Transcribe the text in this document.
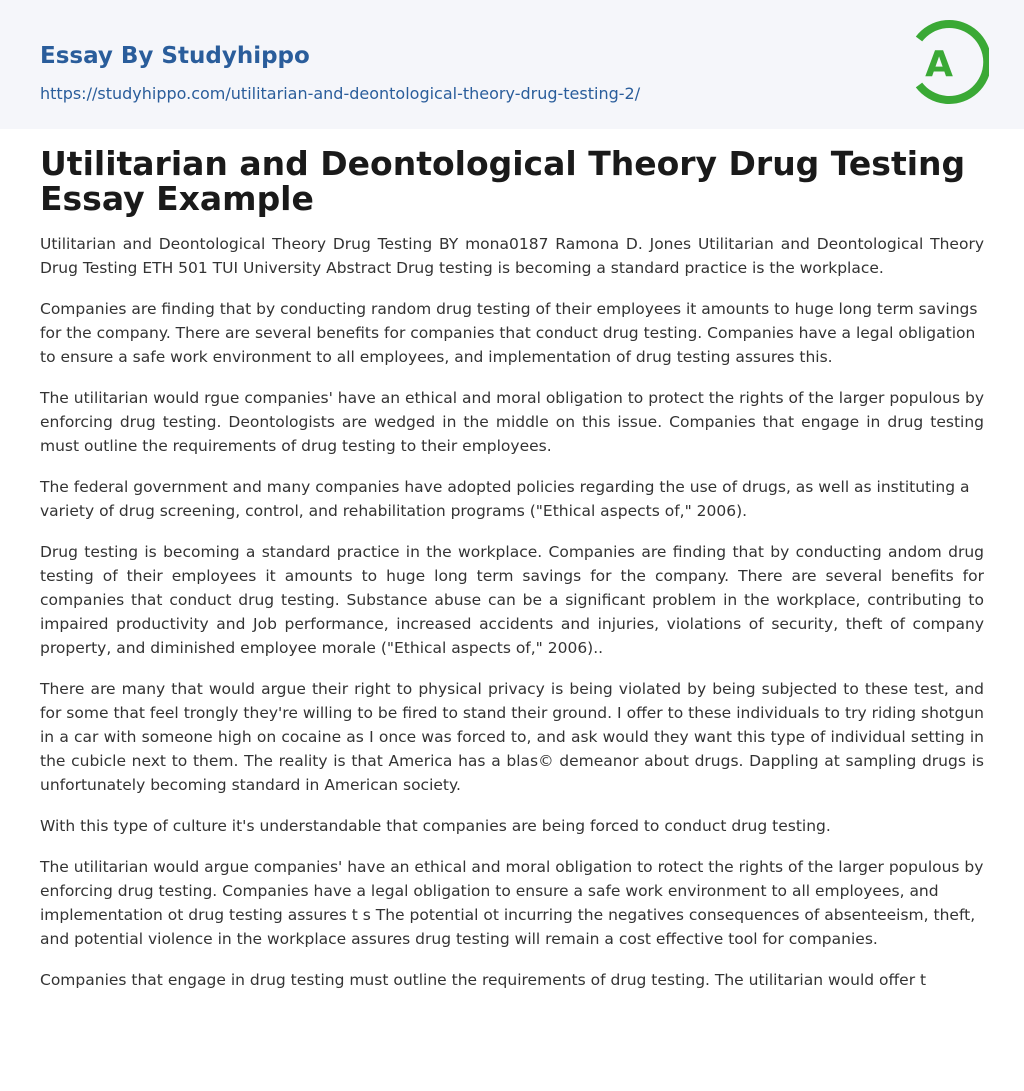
Essay By Studyhippo
https://studyhippo.com/utilitarian-and-deontological-theory-drug-testing-2/
A
Utilitarian and Deontological Theory Drug Testing Essay Example

Utilitarian and Deontological Theory Drug Testing BY mona0187 Ramona D. Jones Utilitarian and Deontological Theory Drug Testing ETH 501 TUI University Abstract Drug testing is becoming a standard practice is the workplace.

Companies are finding that by conducting random drug testing of their employees it amounts to huge long term savings for the company. There are several benefits for companies that conduct drug testing. Companies have a legal obligation to ensure a safe work environment to all employees, and implementation of drug testing assures this.

The utilitarian would rgue companies' have an ethical and moral obligation to protect the rights of the larger populous by enforcing drug testing. Deontologists are wedged in the middle on this issue. Companies that engage in drug testing must outline the requirements of drug testing to their employees.

The federal government and many companies have adopted policies regarding the use of drugs, as well as instituting a variety of drug screening, control, and rehabilitation programs ("Ethical aspects of," 2006).

Drug testing is becoming a standard practice in the workplace. Companies are finding that by conducting andom drug testing of their employees it amounts to huge long term savings for the company. There are several benefits for companies that conduct drug testing. Substance abuse can be a significant problem in the workplace, contributing to impaired productivity and Job performance, increased accidents and injuries, violations of security, theft of company property, and diminished employee morale ("Ethical aspects of," 2006)..

There are many that would argue their right to physical privacy is being violated by being subjected to these test, and for some that feel trongly they're willing to be fired to stand their ground. I offer to these individuals to try riding shotgun in a car with someone high on cocaine as I once was forced to, and ask would they want this type of individual setting in the cubicle next to them. The reality is that America has a blas© demeanor about drugs. Dappling at sampling drugs is unfortunately becoming standard in American society.

With this type of culture it's understandable that companies are being forced to conduct drug testing.

The utilitarian would argue companies' have an ethical and moral obligation to rotect the rights of the larger populous by enforcing drug testing. Companies have a legal obligation to ensure a safe work environment to all employees, and implementation ot drug testing assures t s The potential ot incurring the negatives consequences of absenteeism, theft, and potential violence in the workplace assures drug testing will remain a cost effective tool for companies.

Companies that engage in drug testing must outline the requirements of drug testing. The utilitarian would offer t
